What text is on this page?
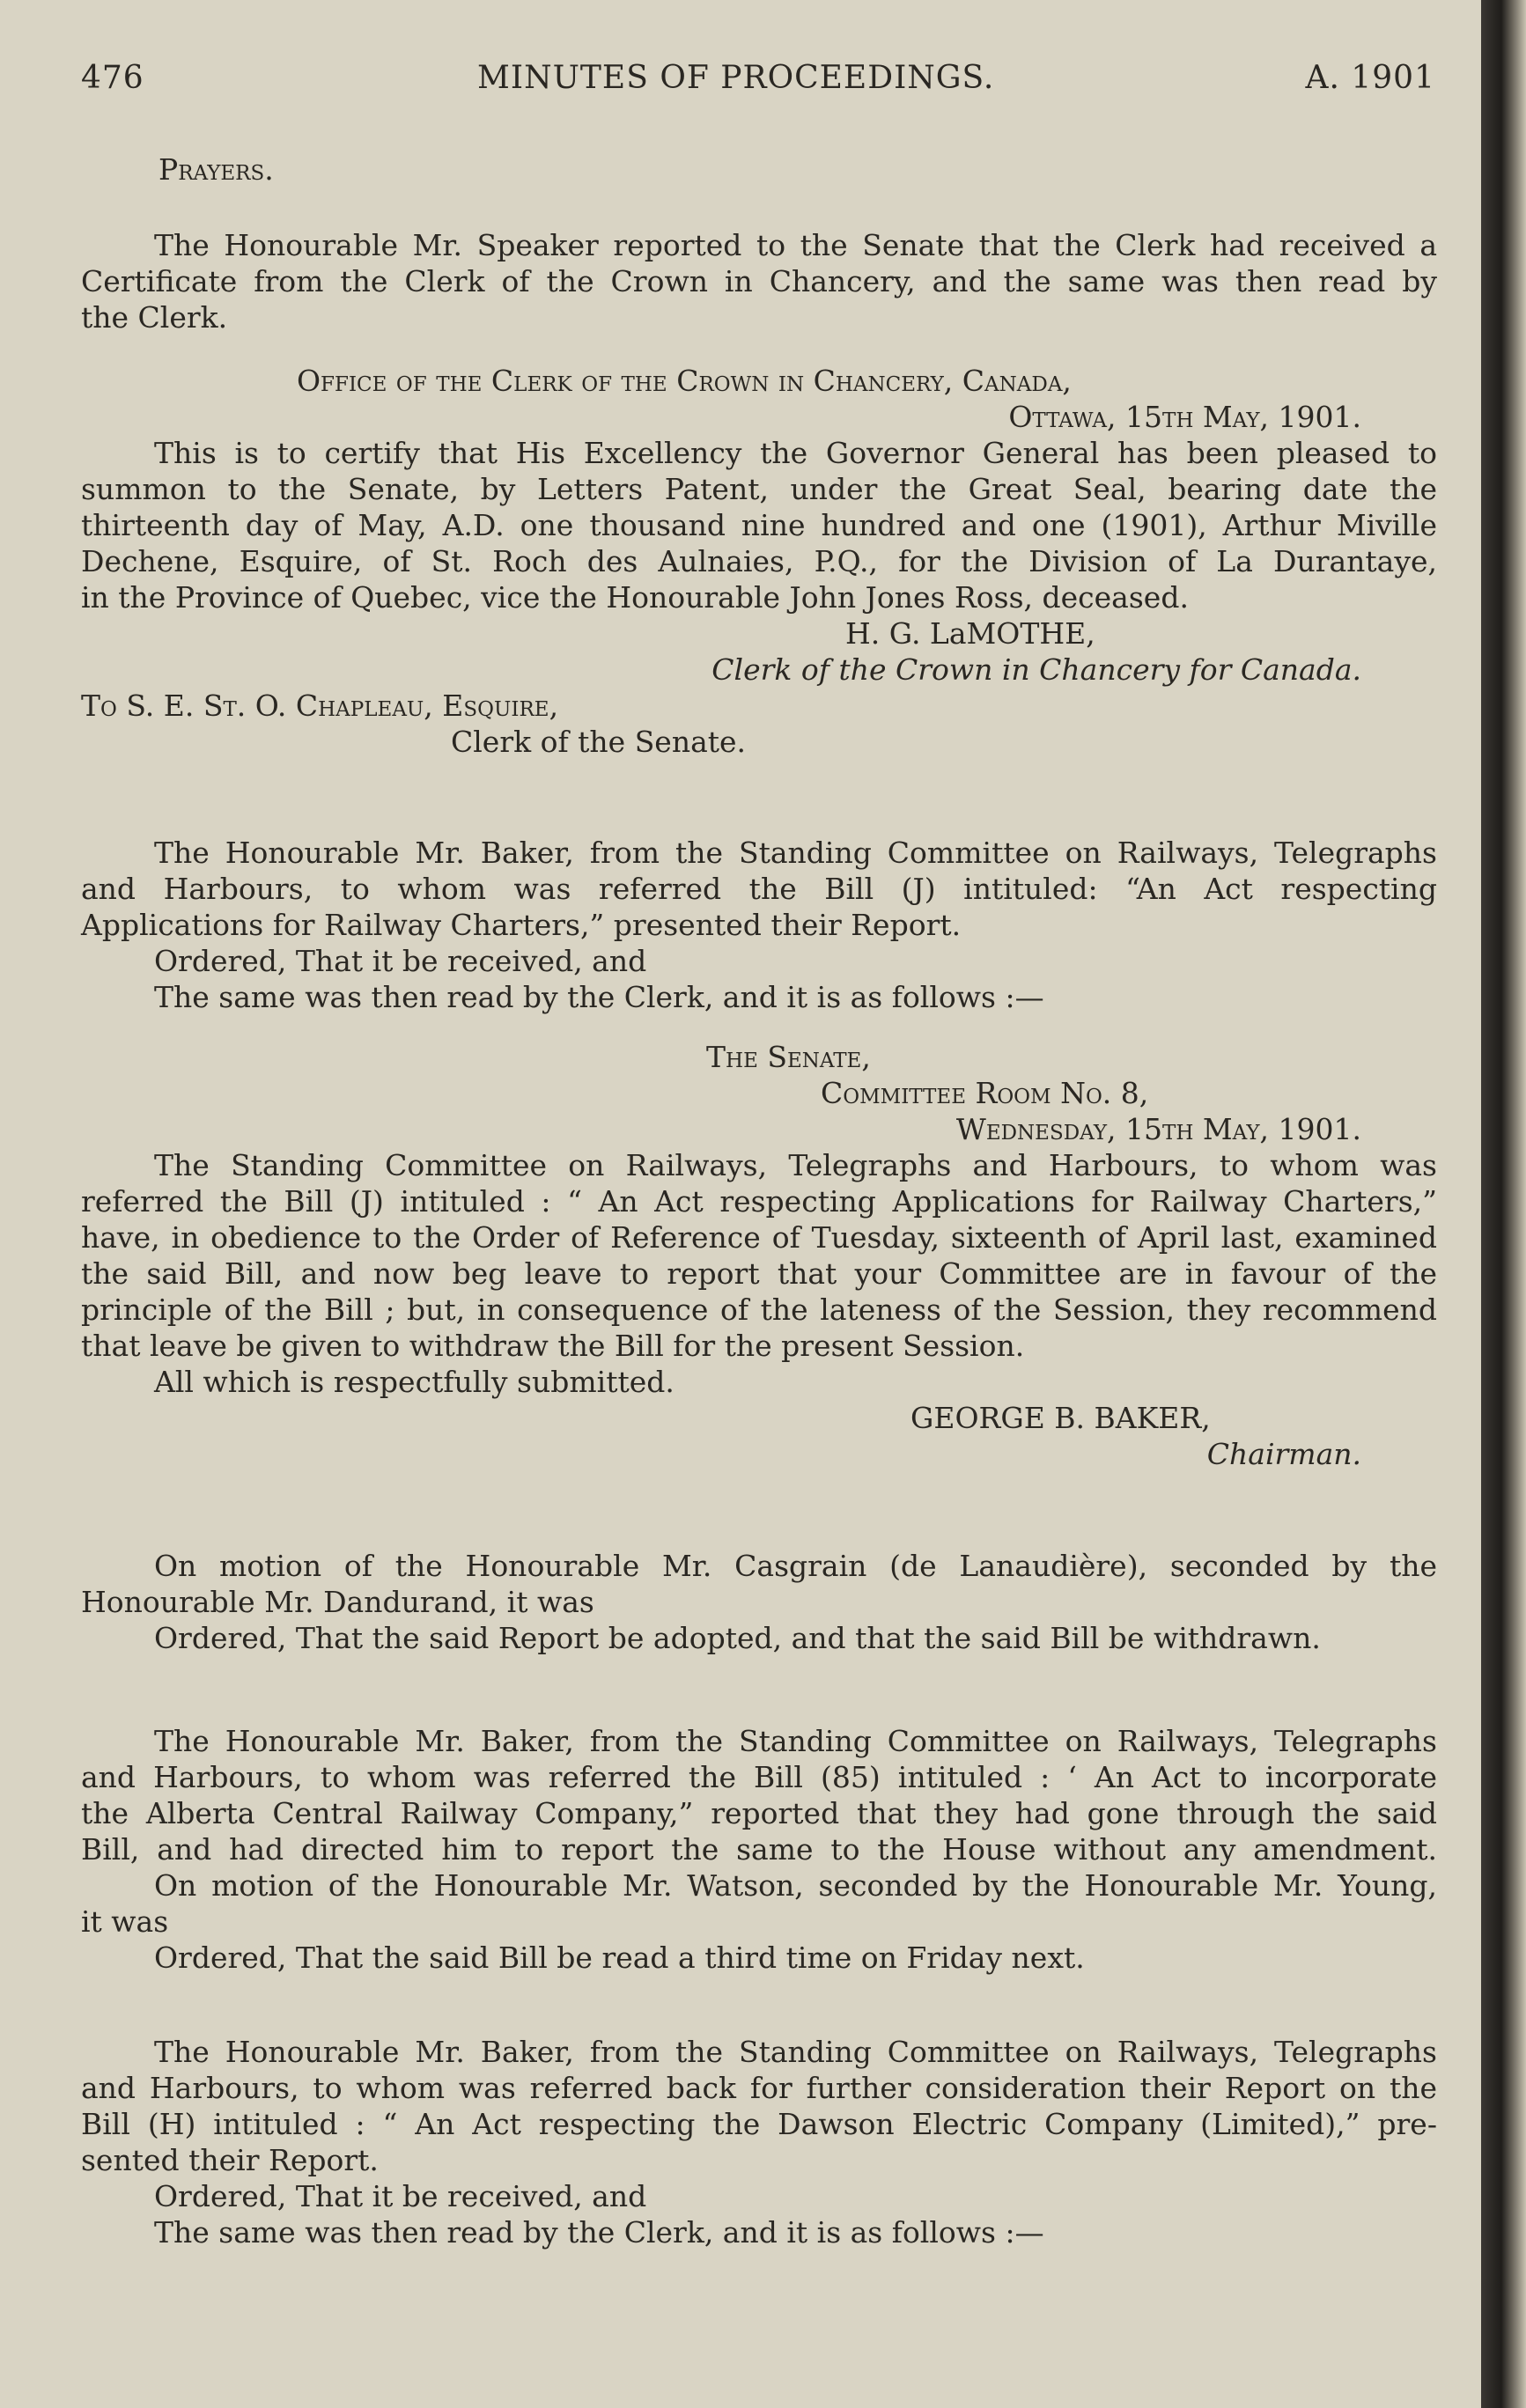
476	MINUTES OF PROCEEDINGS.	A. 1901

Prayers.

The Honourable Mr. Speaker reported to the Senate that the Clerk had received a

Certificate from the Clerk of the Crown in Chancery, and the same was then read by

the Clerk.

Office of the Clerk of the Crown in Chancery, Canada,

Ottawa, 15th May, 1901.

This is to certify that His Excellency the Governor General has been pleased to

summon to the Senate, by Letters Patent, under the Great Seal, bearing date the

thirteenth day of May, A.D. one thousand nine hundred and one (1901), Arthur Miville

Dechene, Esquire, of St. Roch des Aulnaies, P.Q., for the Division of La Durantaye,

in the Province of Quebec, vice the Honourable John Jones Ross, deceased.

H. G. LaMOTHE,

Clerk of the Crown in Chancery for Canada.

To S. E. St. O. Chapleau, Esquire,

Clerk of the Senate.

The Honourable Mr. Baker, from the Standing Committee on Railways, Telegraphs

and Harbours, to whom was referred the Bill (J) intituled: “An Act respecting

Applications for Railway Charters,” presented their Report.

Ordered, That it be received, and

The same was then read by the Clerk, and it is as follows :—

The Senate,

Committee Room No. 8,

Wednesday, 15th May, 1901.

The Standing Committee on Railways, Telegraphs and Harbours, to whom was

referred the Bill (J) intituled : “ An Act respecting Applications for Railway Charters,”

have, in obedience to the Order of Reference of Tuesday, sixteenth of April last, examined

the said Bill, and now beg leave to report that your Committee are in favour of the

principle of the Bill ; but, in consequence of the lateness of the Session, they recommend

that leave be given to withdraw the Bill for the present Session.

All which is respectfully submitted.

GEORGE B. BAKER,

Chairman.

On motion of the Honourable Mr. Casgrain (de Lanaudière), seconded by the

Honourable Mr. Dandurand, it was

Ordered, That the said Report be adopted, and that the said Bill be withdrawn.

The Honourable Mr. Baker, from the Standing Committee on Railways, Telegraphs

and Harbours, to whom was referred the Bill (85) intituled : ‘ An Act to incorporate

the Alberta Central Railway Company,” reported that they had gone through the said

Bill, and had directed him to report the same to the House without any amendment.

On motion of the Honourable Mr. Watson, seconded by the Honourable Mr. Young,

it was

Ordered, That the said Bill be read a third time on Friday next.

The Honourable Mr. Baker, from the Standing Committee on Railways, Telegraphs

and Harbours, to whom was referred back for further consideration their Report on the

Bill (H) intituled : “ An Act respecting the Dawson Electric Company (Limited),” pre-

sented their Report.

Ordered, That it be received, and

The same was then read by the Clerk, and it is as follows :—
